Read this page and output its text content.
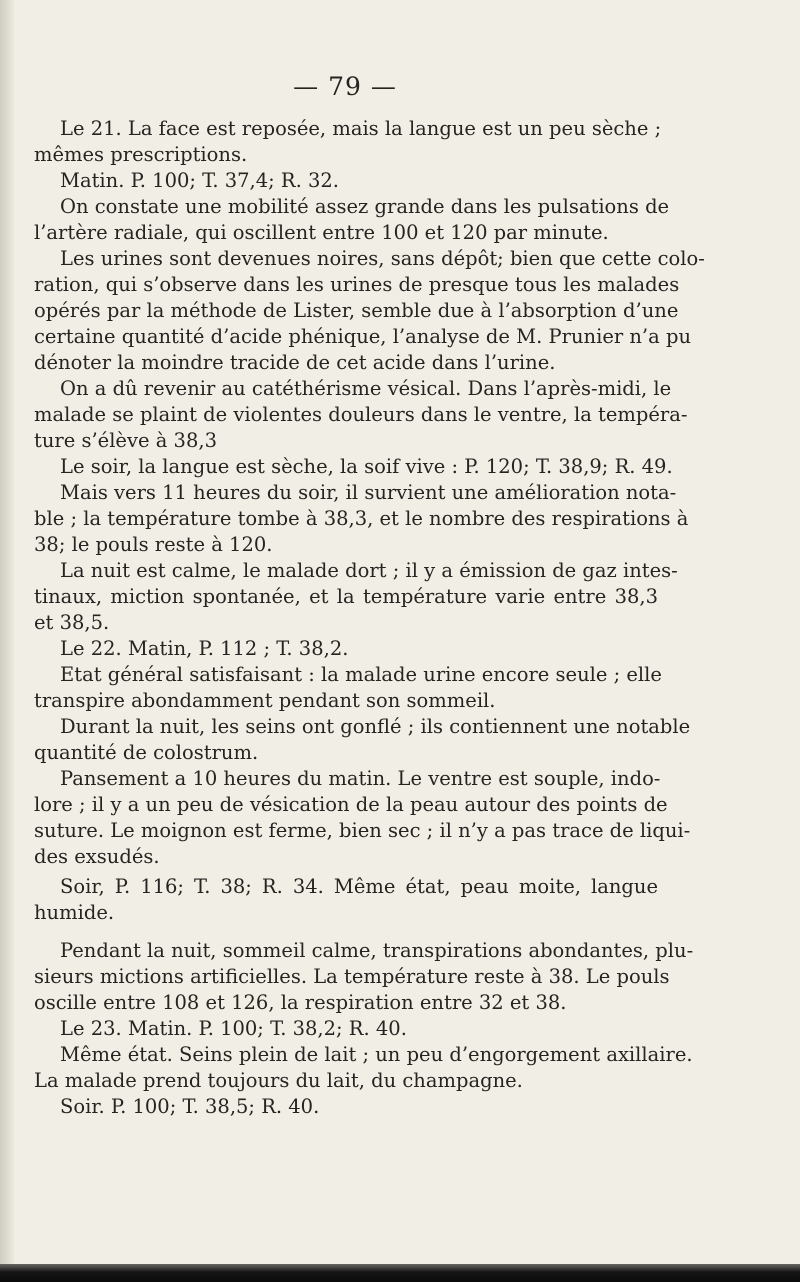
— 79 —
Le 21. La face est reposée, mais la langue est un peu sèche ;
mêmes prescriptions.
Matin. P. 100; T. 37,4; R. 32.
On constate une mobilité assez grande dans les pulsations de
l’artère radiale, qui oscillent entre 100 et 120 par minute.
Les urines sont devenues noires, sans dépôt; bien que cette colo-
ration, qui s’observe dans les urines de presque tous les malades
opérés par la méthode de Lister, semble due à l’absorption d’une
certaine quantité d’acide phénique, l’analyse de M. Prunier n’a pu
dénoter la moindre tracide de cet acide dans l’urine.
On a dû revenir au catéthérisme vésical. Dans l’après-midi, le
malade se plaint de violentes douleurs dans le ventre, la tempéra-
ture s’élève à 38,3
Le soir, la langue est sèche, la soif vive : P. 120; T. 38,9; R. 49.
Mais vers 11 heures du soir, il survient une amélioration nota-
ble ; la température tombe à 38,3, et le nombre des respirations à
38; le pouls reste à 120.
La nuit est calme, le malade dort ; il y a émission de gaz intes-
tinaux, miction spontanée, et la température varie entre 38,3
et 38,5.
Le 22. Matin, P. 112 ; T. 38,2.
Etat général satisfaisant : la malade urine encore seule ; elle
transpire abondamment pendant son sommeil.
Durant la nuit, les seins ont gonflé ; ils contiennent une notable
quantité de colostrum.
Pansement a 10 heures du matin. Le ventre est souple, indo-
lore ; il y a un peu de vésication de la peau autour des points de
suture. Le moignon est ferme, bien sec ; il n’y a pas trace de liqui-
des exsudés.
Soir, P. 116; T. 38; R. 34. Même état, peau moite, langue
humide.
Pendant la nuit, sommeil calme, transpirations abondantes, plu-
sieurs mictions artificielles. La température reste à 38. Le pouls
oscille entre 108 et 126, la respiration entre 32 et 38.
Le 23. Matin. P. 100; T. 38,2; R. 40.
Même état. Seins plein de lait ; un peu d’engorgement axillaire.
La malade prend toujours du lait, du champagne.
Soir. P. 100; T. 38,5; R. 40.
